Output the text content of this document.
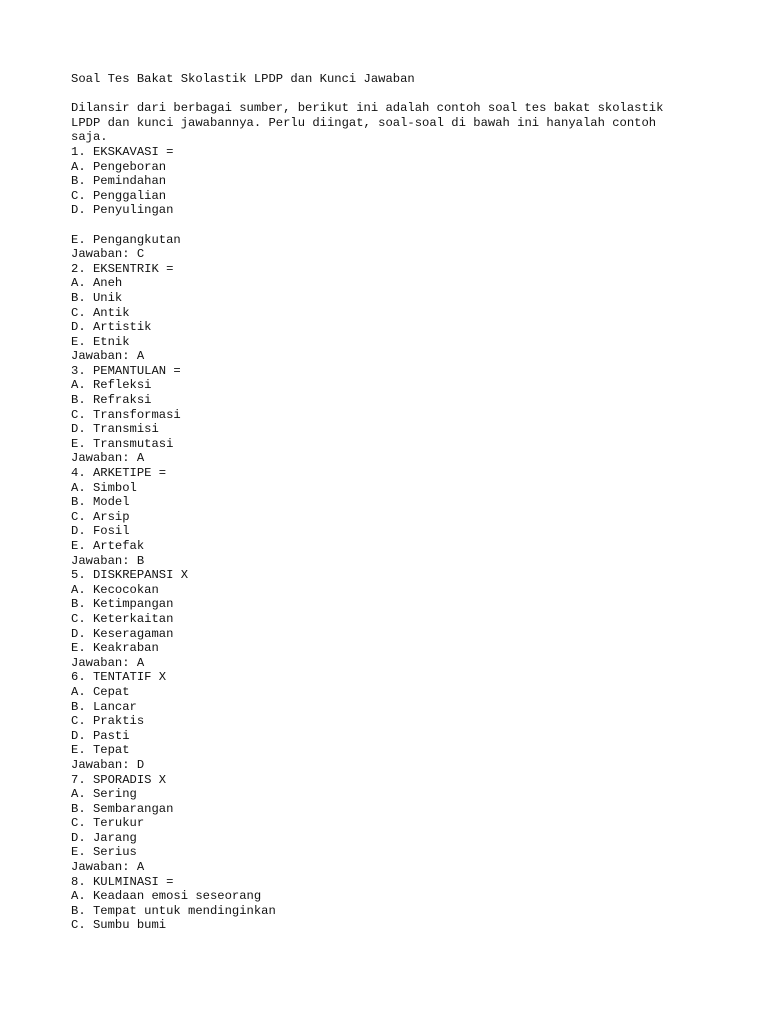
Soal Tes Bakat Skolastik LPDP dan Kunci Jawaban
Dilansir dari berbagai sumber, berikut ini adalah contoh soal tes bakat skolastik
LPDP dan kunci jawabannya. Perlu diingat, soal-soal di bawah ini hanyalah contoh
saja.
1. EKSKAVASI =
A. Pengeboran
B. Pemindahan
C. Penggalian
D. Penyulingan
E. Pengangkutan
Jawaban: C
2. EKSENTRIK =
A. Aneh
B. Unik
C. Antik
D. Artistik
E. Etnik
Jawaban: A
3. PEMANTULAN =
A. Refleksi
B. Refraksi
C. Transformasi
D. Transmisi
E. Transmutasi
Jawaban: A
4. ARKETIPE =
A. Simbol
B. Model
C. Arsip
D. Fosil
E. Artefak
Jawaban: B
5. DISKREPANSI X
A. Kecocokan
B. Ketimpangan
C. Keterkaitan
D. Keseragaman
E. Keakraban
Jawaban: A
6. TENTATIF X
A. Cepat
B. Lancar
C. Praktis
D. Pasti
E. Tepat
Jawaban: D
7. SPORADIS X
A. Sering
B. Sembarangan
C. Terukur
D. Jarang
E. Serius
Jawaban: A
8. KULMINASI =
A. Keadaan emosi seseorang
B. Tempat untuk mendinginkan
C. Sumbu bumi
